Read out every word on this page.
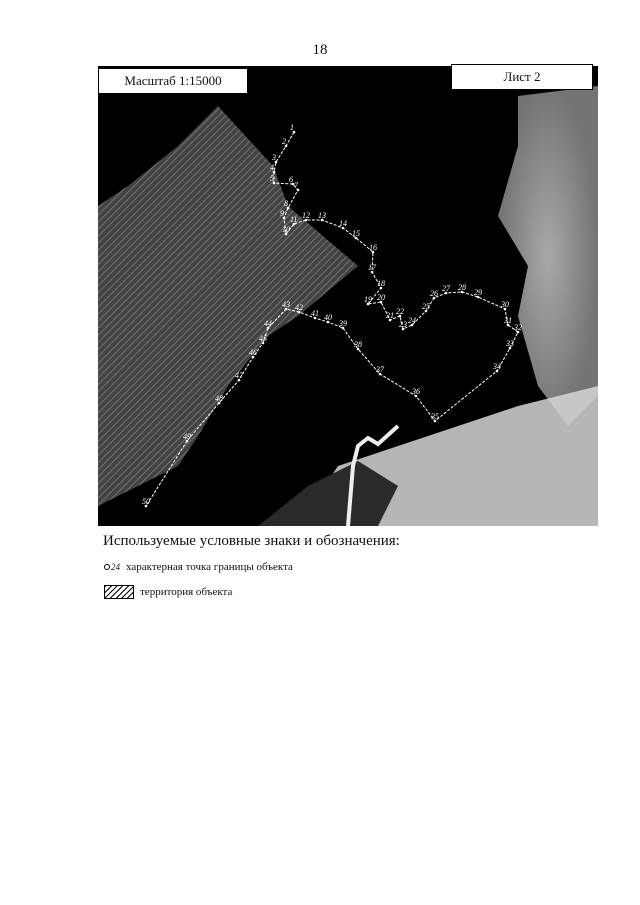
18
1
2
3
4
5 6
7
8
9
10
11 12 13
14
15
16
17
18
19 20
21 22
23 24
25
26
27 28
29
30
31
32
33
34
35
36
37
38
39
40
41
42
43
44
45
46
47
48
49
50
Масштаб 1:15000	Лист 2
Используемые условные знаки и обозначения:
24 характерная точка границы объекта
территория объекта
